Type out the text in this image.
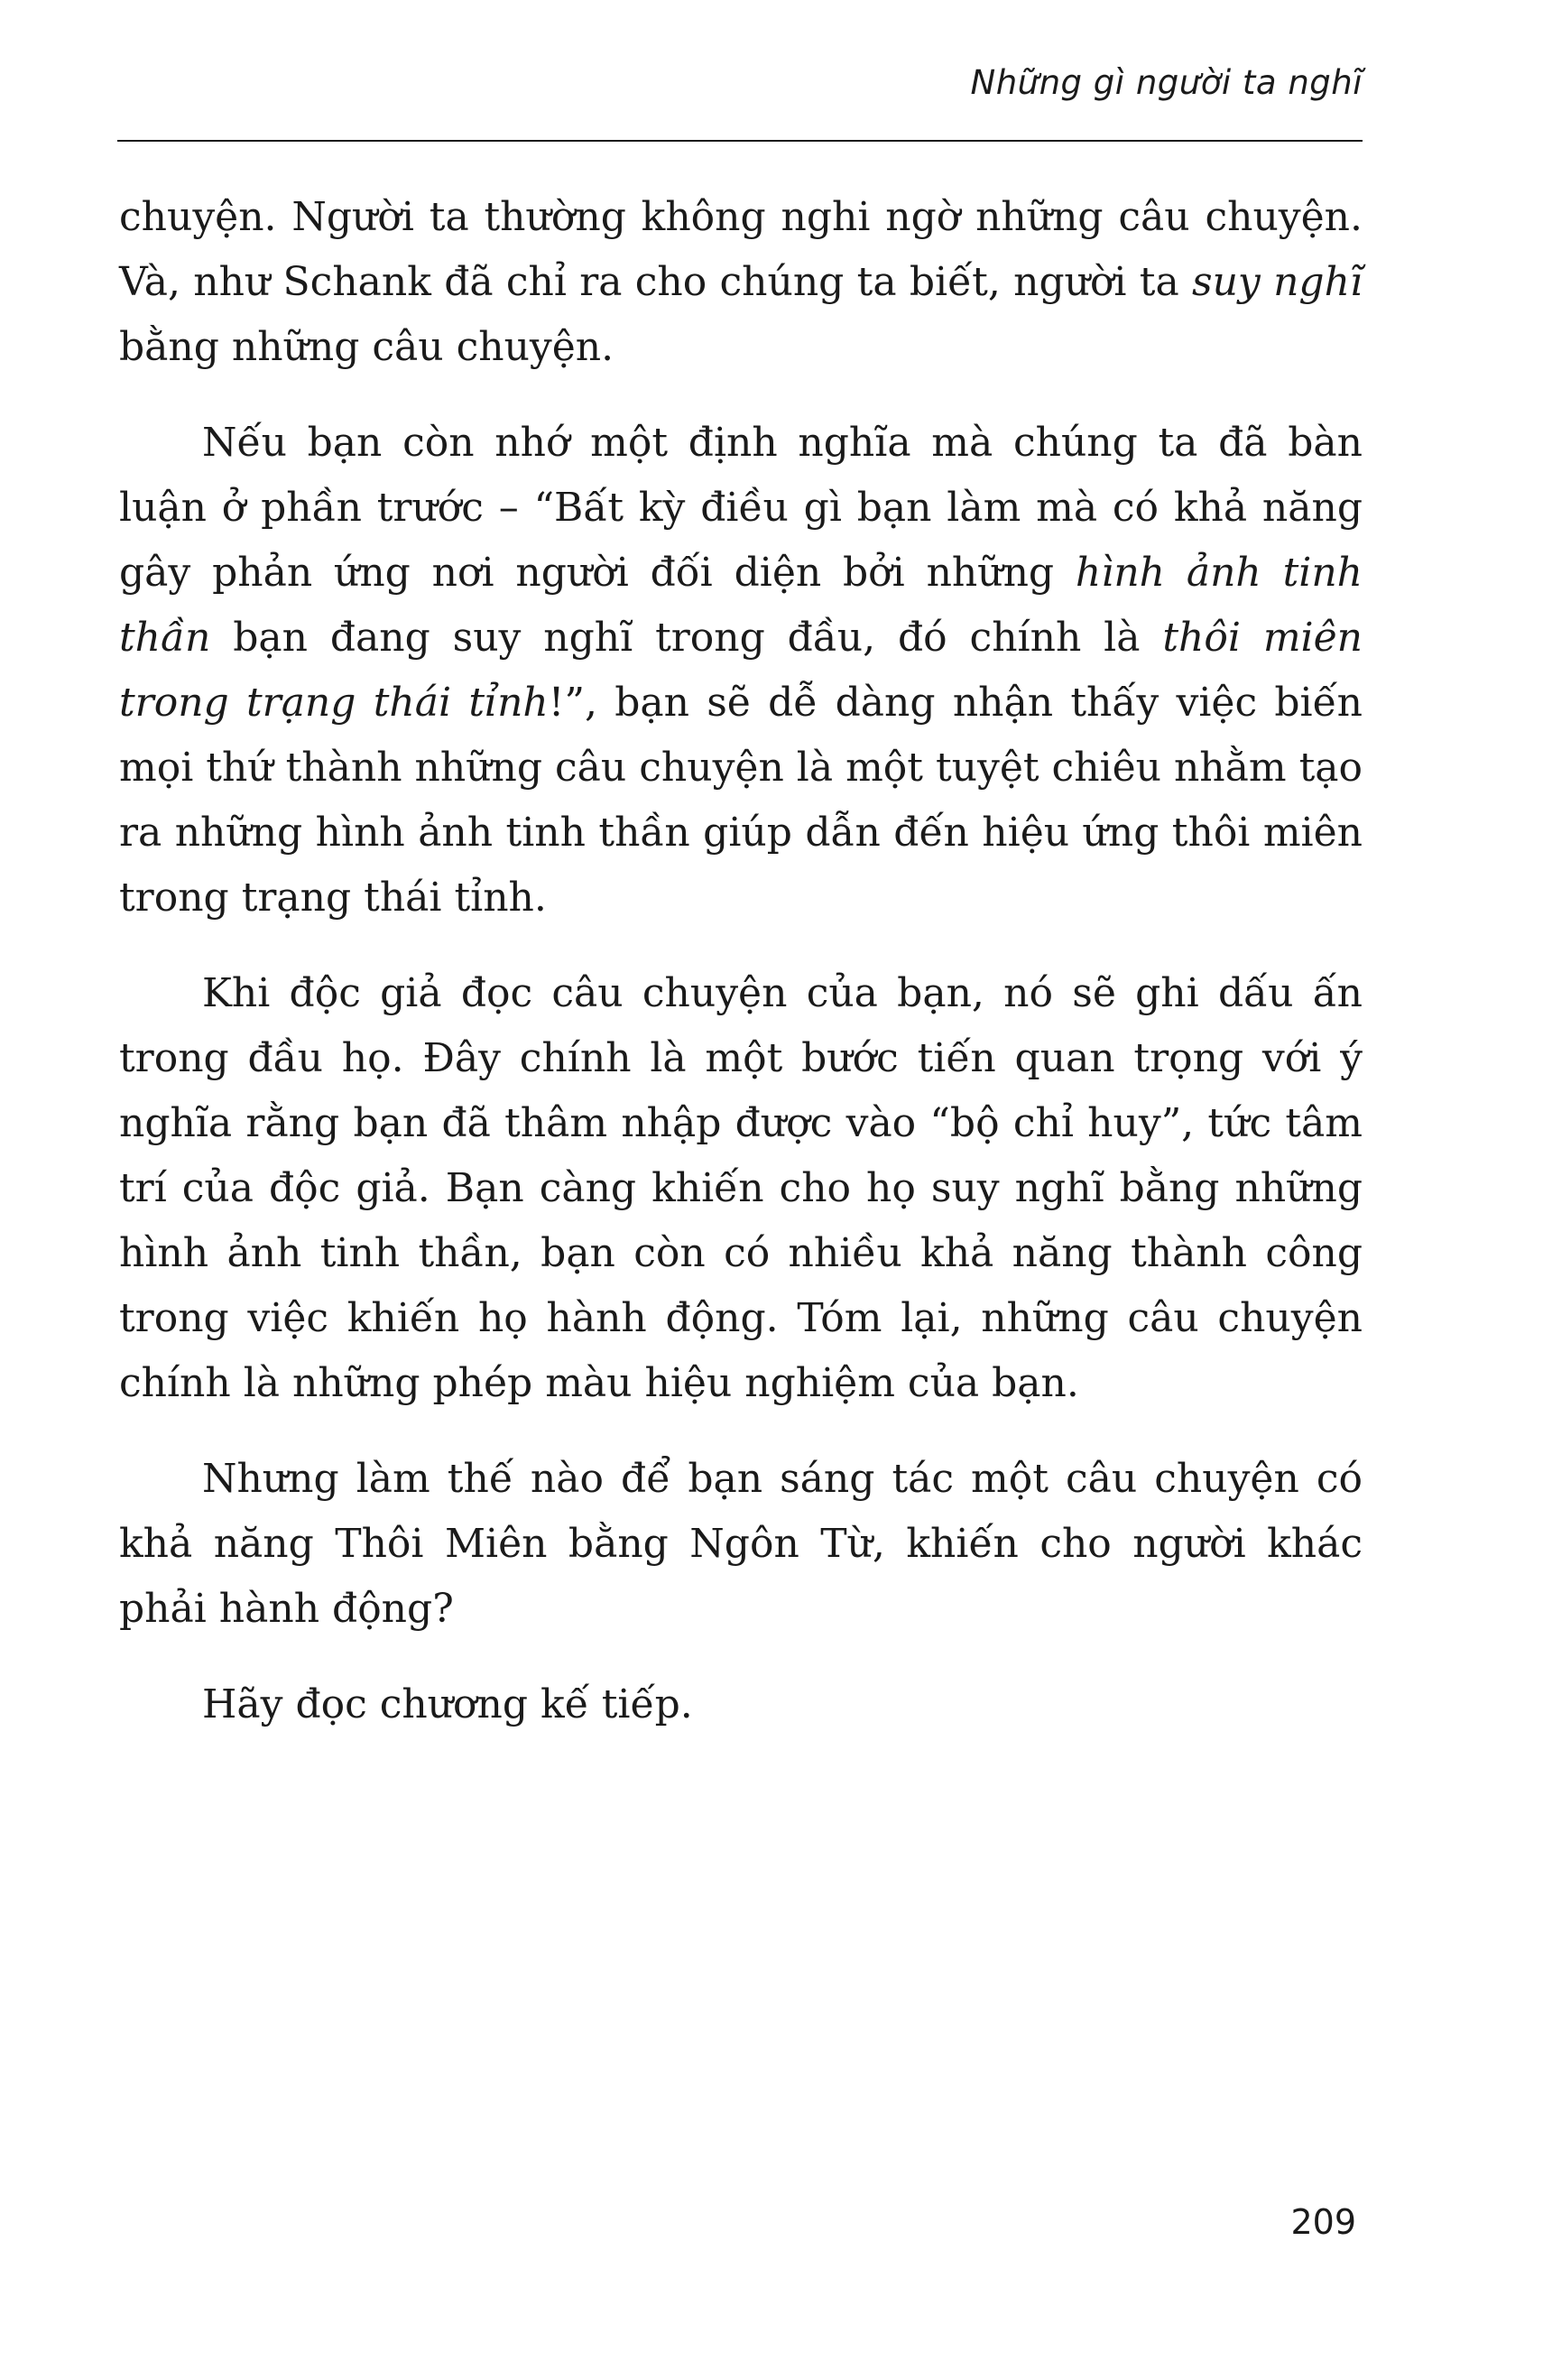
Những gì người ta nghĩ

chuyện. Người ta thường không nghi ngờ những câu chuyện. Và, như Schank đã chỉ ra cho chúng ta biết, người ta suy nghĩ bằng những câu chuyện.

Nếu bạn còn nhớ một định nghĩa mà chúng ta đã bàn luận ở phần trước – “Bất kỳ điều gì bạn làm mà có khả năng gây phản ứng nơi người đối diện bởi những hình ảnh tinh thần bạn đang suy nghĩ trong đầu, đó chính là thôi miên trong trạng thái tỉnh!”, bạn sẽ dễ dàng nhận thấy việc biến mọi thứ thành những câu chuyện là một tuyệt chiêu nhằm tạo ra những hình ảnh tinh thần giúp dẫn đến hiệu ứng thôi miên trong trạng thái tỉnh.

Khi độc giả đọc câu chuyện của bạn, nó sẽ ghi dấu ấn trong đầu họ. Đây chính là một bước tiến quan trọng với ý nghĩa rằng bạn đã thâm nhập được vào “bộ chỉ huy”, tức tâm trí của độc giả. Bạn càng khiến cho họ suy nghĩ bằng những hình ảnh tinh thần, bạn còn có nhiều khả năng thành công trong việc khiến họ hành động. Tóm lại, những câu chuyện chính là những phép màu hiệu nghiệm của bạn.

Nhưng làm thế nào để bạn sáng tác một câu chuyện có khả năng Thôi Miên bằng Ngôn Từ, khiến cho người khác phải hành động?

Hãy đọc chương kế tiếp.

209
